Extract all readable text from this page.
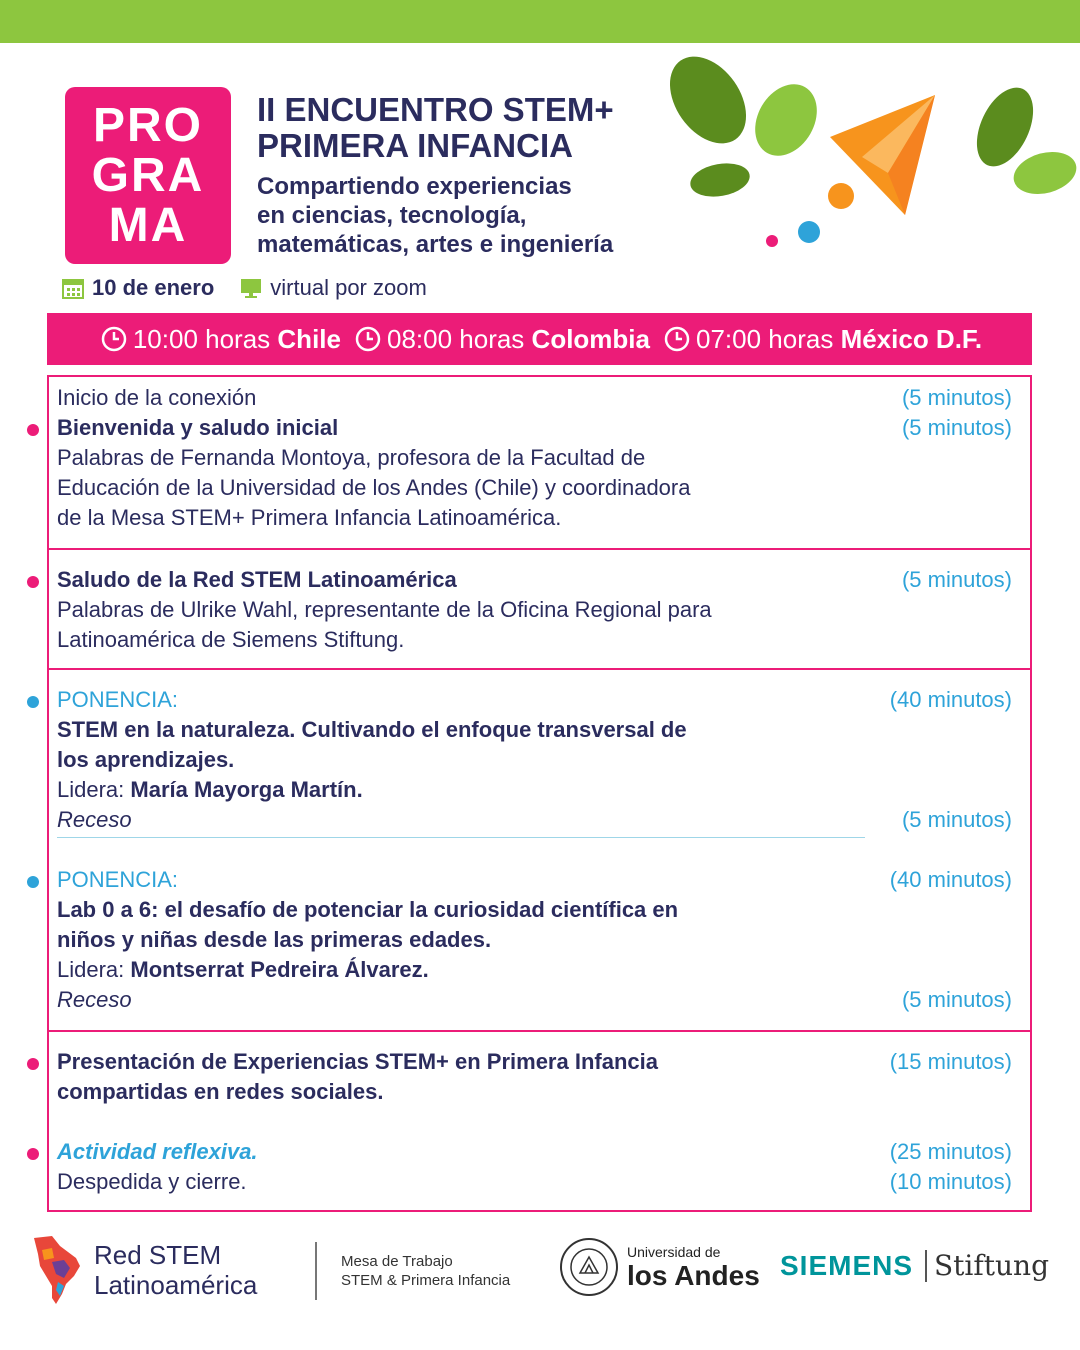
PRO
GRA
MA
II ENCUENTRO STEM+
PRIMERA INFANCIA
Compartiendo experiencias
en ciencias, tecnología,
matemáticas, artes e ingeniería
10 de enero	virtual por zoom
10:00 horas
Chile 08:00 horas
Colombia 07:00 horas
México D.F.
Inicio de la conexión	(5 minutos)
Bienvenida y saludo inicial	(5 minutos)
Palabras de Fernanda Montoya, profesora de la Facultad de
Educación de la Universidad de los Andes (Chile) y coordinadora
de la Mesa STEM+ Primera Infancia Latinoamérica.
Saludo de la Red STEM Latinoamérica	(5 minutos)
Palabras de Ulrike Wahl, representante de la Oficina Regional para
Latinoamérica de Siemens Stiftung.
PONENCIA:	(40 minutos)
STEM en la naturaleza. Cultivando el enfoque transversal de
los aprendizajes.
Lidera: María Mayorga Martín.
Receso	(5 minutos)
PONENCIA:	(40 minutos)
Lab 0 a 6: el desafío de potenciar la curiosidad científica en
niños y niñas desde las primeras edades.
Lidera: Montserrat Pedreira Álvarez.
Receso	(5 minutos)
Presentación de Experiencias STEM+ en Primera Infancia	(15 minutos)
compartidas en redes sociales.
Actividad reflexiva.	(25 minutos)
Despedida y cierre.	(10 minutos)
Red STEM
Latinoamérica
Mesa de Trabajo
STEM & Primera Infancia
Universidad de
los Andes SIEMENS Stiftung
